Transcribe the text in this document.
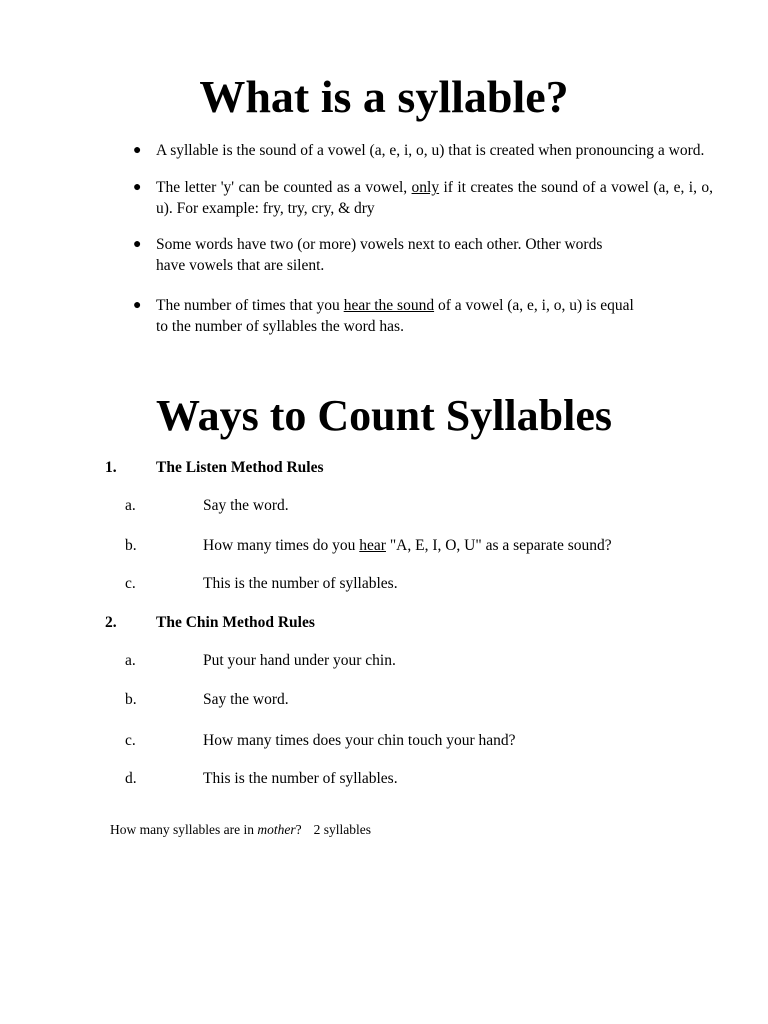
What is a syllable?
● A syllable is the sound of a vowel (a, e, i, o, u) that is created when pronouncing a word.
● The letter 'y' can be counted as a vowel, only if it creates the sound of a vowel (a, e, i, o, u). For example: fry, try, cry, & dry
● Some words have two (or more) vowels next to each other. Other words
have vowels that are silent.
● The number of times that you hear the sound of a vowel (a, e, i, o, u) is equal
to the number of syllables the word has.
Ways to Count Syllables
1.	The Listen Method Rules
a.	Say the word.
b.	How many times do you hear "A, E, I, O, U" as a separate sound?
c.	This is the number of syllables.
2.	The Chin Method Rules
a.	Put your hand under your chin.
b.	Say the word.
c.	How many times does your chin touch your hand?
d.	This is the number of syllables.
How many syllables are in mother? 2 syllables
